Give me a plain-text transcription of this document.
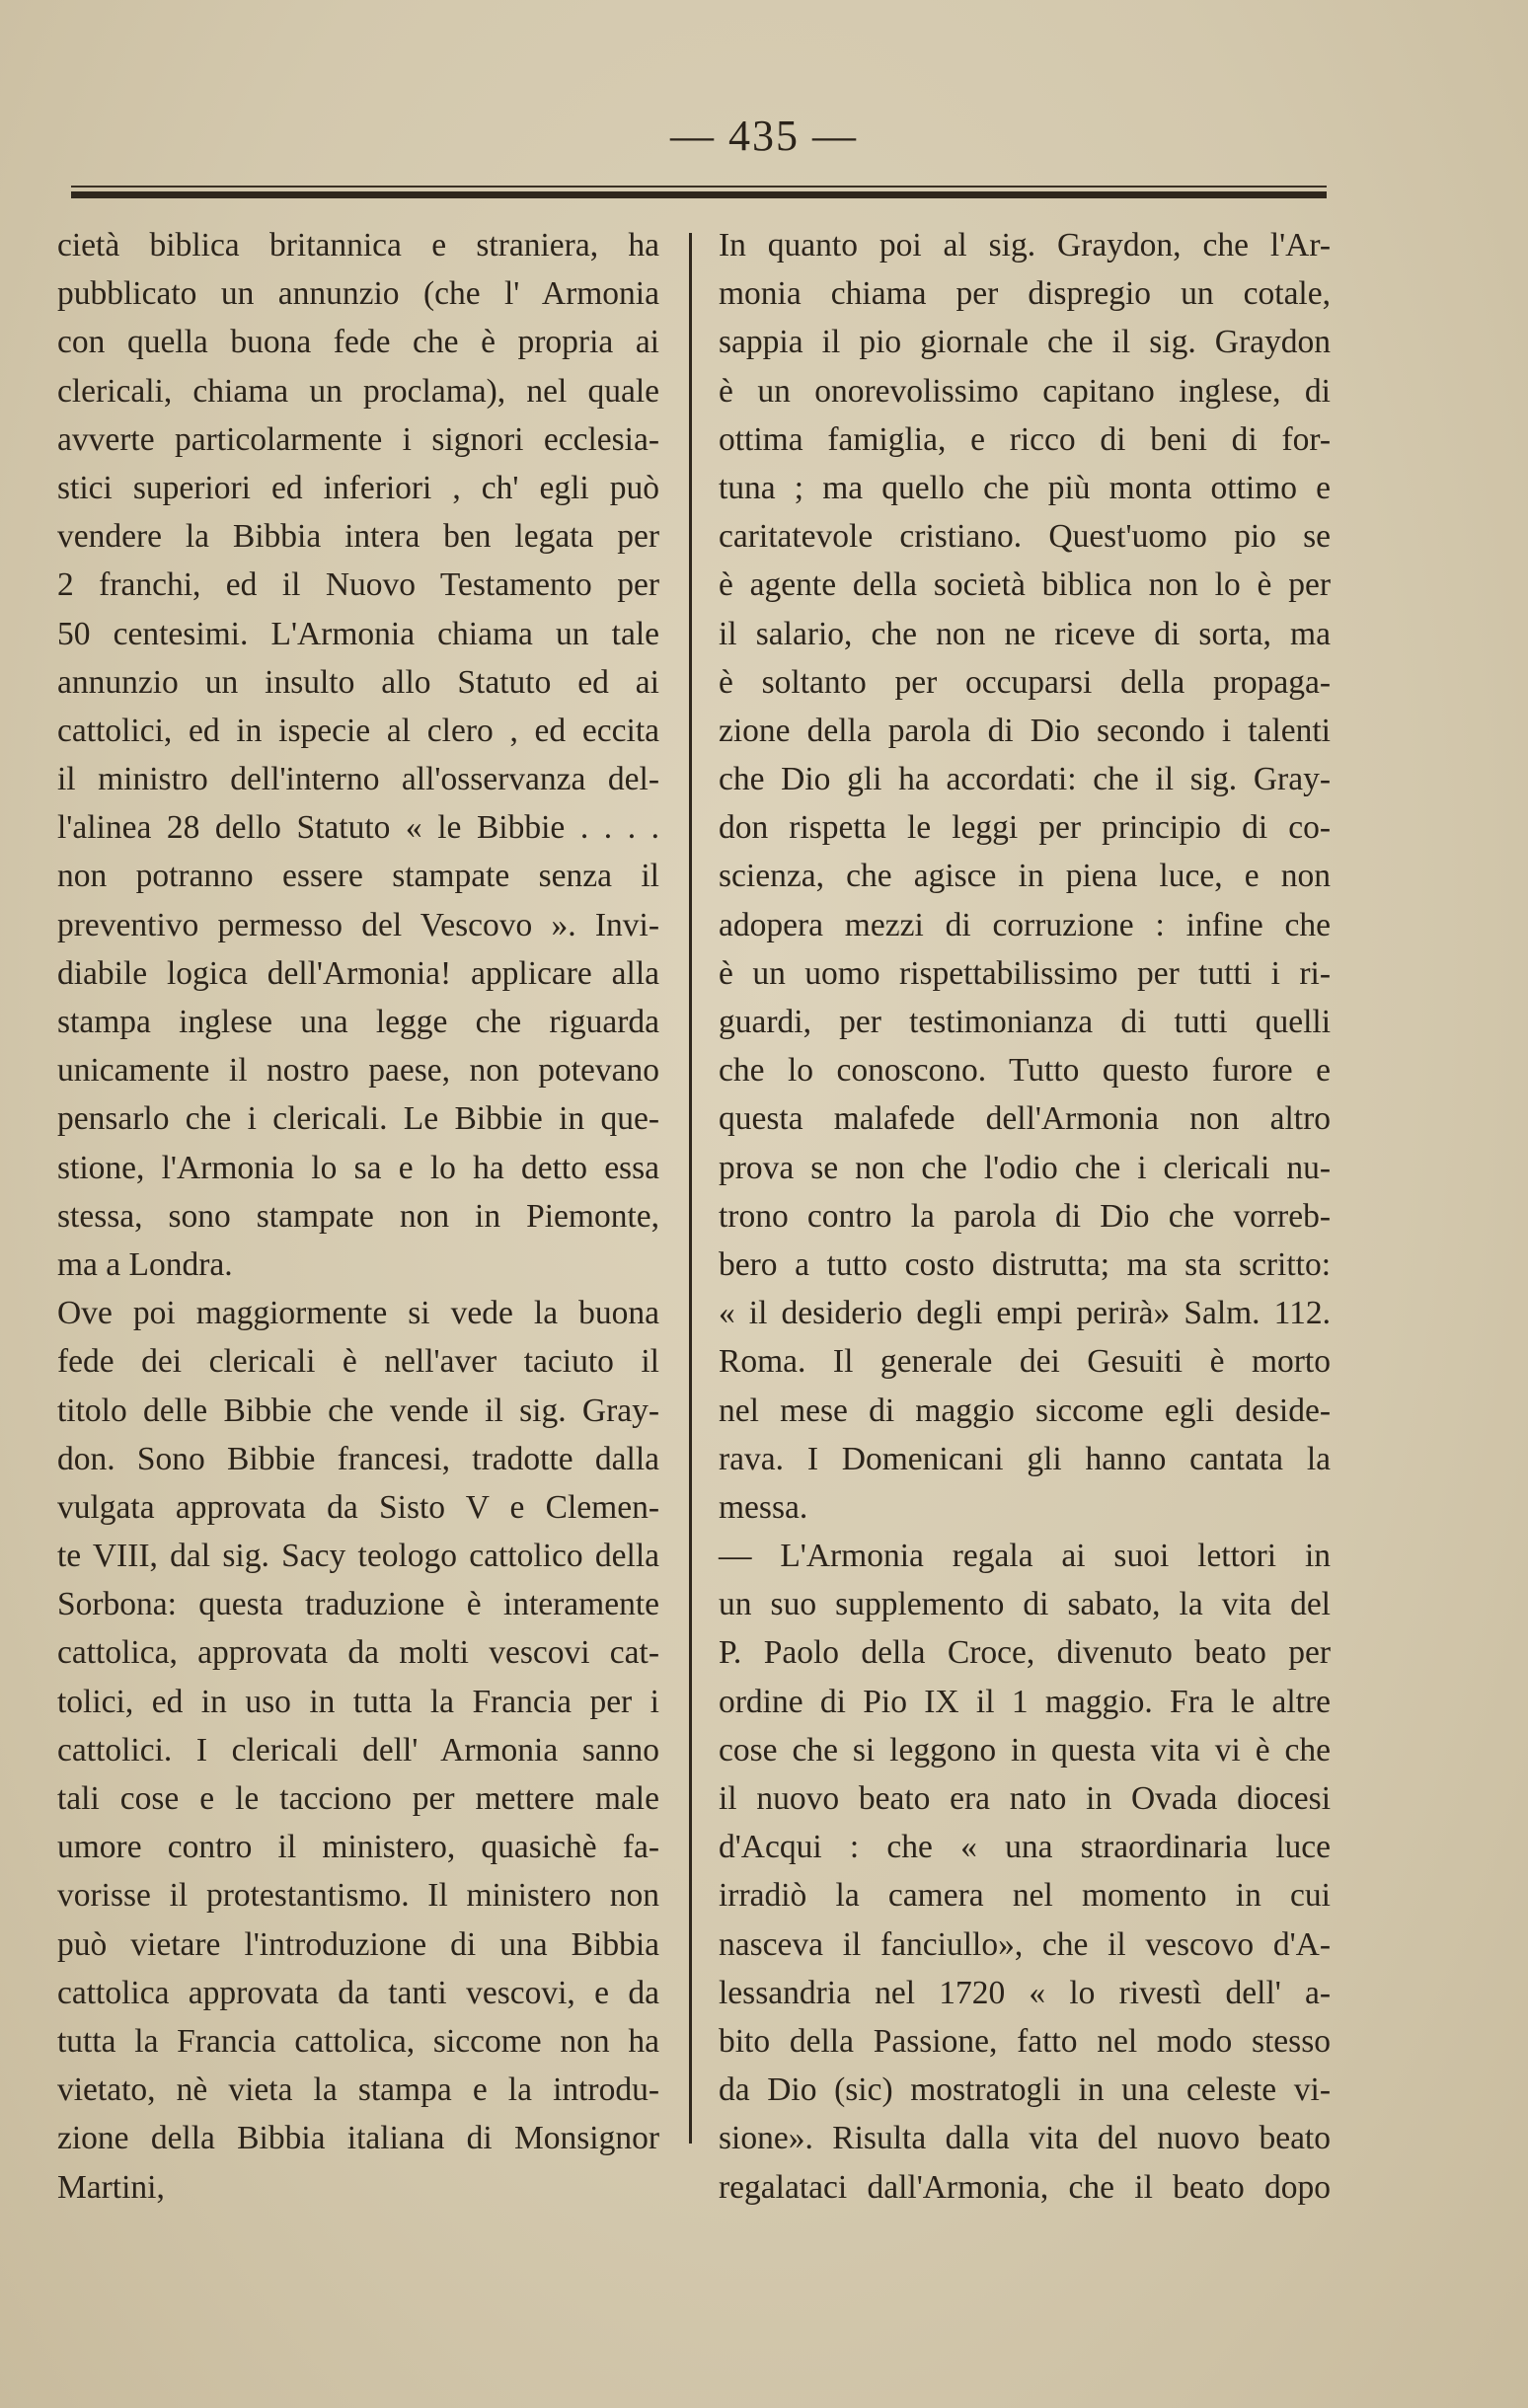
— 435 —
cietà biblica britannica e straniera, ha
pubblicato un annunzio (che l' Armonia
con quella buona fede che è propria ai
clericali, chiama un proclama), nel quale
avverte particolarmente i signori ecclesia-
stici superiori ed inferiori , ch' egli può
vendere la Bibbia intera ben legata per
2 franchi, ed il Nuovo Testamento per
50 centesimi. L'Armonia chiama un tale
annunzio un insulto allo Statuto ed ai
cattolici, ed in ispecie al clero , ed eccita
il ministro dell'interno all'osservanza del-
l'alinea 28 dello Statuto « le Bibbie . . . .
non potranno essere stampate senza il
preventivo permesso del Vescovo ». Invi-
diabile logica dell'Armonia! applicare alla
stampa inglese una legge che riguarda
unicamente il nostro paese, non potevano
pensarlo che i clericali. Le Bibbie in que-
stione, l'Armonia lo sa e lo ha detto essa
stessa, sono stampate non in Piemonte,
ma a Londra.
Ove poi maggiormente si vede la buona
fede dei clericali è nell'aver taciuto il
titolo delle Bibbie che vende il sig. Gray-
don. Sono Bibbie francesi, tradotte dalla
vulgata approvata da Sisto V e Clemen-
te VIII, dal sig. Sacy teologo cattolico della
Sorbona: questa traduzione è interamente
cattolica, approvata da molti vescovi cat-
tolici, ed in uso in tutta la Francia per i
cattolici. I clericali dell' Armonia sanno
tali cose e le tacciono per mettere male
umore contro il ministero, quasichè fa-
vorisse il protestantismo. Il ministero non
può vietare l'introduzione di una Bibbia
cattolica approvata da tanti vescovi, e da
tutta la Francia cattolica, siccome non ha
vietato, nè vieta la stampa e la introdu-
zione della Bibbia italiana di Monsignor
Martini,
In quanto poi al sig. Graydon, che l'Ar-
monia chiama per dispregio un cotale,
sappia il pio giornale che il sig. Graydon
è un onorevolissimo capitano inglese, di
ottima famiglia, e ricco di beni di for-
tuna ; ma quello che più monta ottimo e
caritatevole cristiano. Quest'uomo pio se
è agente della società biblica non lo è per
il salario, che non ne riceve di sorta, ma
è soltanto per occuparsi della propaga-
zione della parola di Dio secondo i talenti
che Dio gli ha accordati: che il sig. Gray-
don rispetta le leggi per principio di co-
scienza, che agisce in piena luce, e non
adopera mezzi di corruzione : infine che
è un uomo rispettabilissimo per tutti i ri-
guardi, per testimonianza di tutti quelli
che lo conoscono. Tutto questo furore e
questa malafede dell'Armonia non altro
prova se non che l'odio che i clericali nu-
trono contro la parola di Dio che vorreb-
bero a tutto costo distrutta; ma sta scritto:
« il desiderio degli empi perirà» Salm. 112.
Roma. Il generale dei Gesuiti è morto
nel mese di maggio siccome egli deside-
rava. I Domenicani gli hanno cantata la
messa.
— L'Armonia regala ai suoi lettori in
un suo supplemento di sabato, la vita del
P. Paolo della Croce, divenuto beato per
ordine di Pio IX il 1 maggio. Fra le altre
cose che si leggono in questa vita vi è che
il nuovo beato era nato in Ovada diocesi
d'Acqui : che « una straordinaria luce
irradiò la camera nel momento in cui
nasceva il fanciullo», che il vescovo d'A-
lessandria nel 1720 « lo rivestì dell' a-
bito della Passione, fatto nel modo stesso
da Dio (sic) mostratogli in una celeste vi-
sione». Risulta dalla vita del nuovo beato
regalataci dall'Armonia, che il beato dopo
